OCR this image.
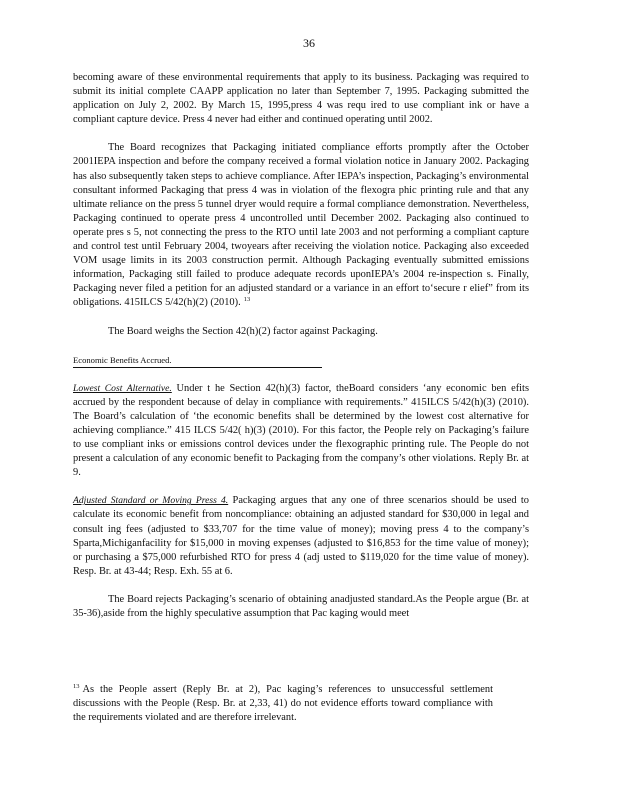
36

becoming aware of these environmental requirements that apply to its business. Packaging was required to submit its initial complete CAAPP application no later than September 7, 1995. Packaging submitted the application on July 2, 2002. By March 15, 1995,press 4 was requ ired to use compliant ink or have a compliant capture device. Press 4 never had either and continued operating until 2002.

The Board recognizes that Packaging initiated compliance efforts promptly after the October 2001IEPA inspection and before the company received a formal violation notice in January 2002. Packaging has also subsequently taken steps to achieve compliance. After IEPA’s inspection, Packaging’s environmental consultant informed Packaging that press 4 was in violation of the flexogra phic printing rule and that any ultimate reliance on the press 5 tunnel dryer would require a formal compliance demonstration. Nevertheless, Packaging continued to operate press 4 uncontrolled until December 2002. Packaging also continued to operate pres s 5, not connecting the press to the RTO until late 2003 and not performing a compliant capture and control test until February 2004, twoyears after receiving the violation notice. Packaging also exceeded VOM usage limits in its 2003 construction permit. Although Packaging eventually submitted emissions information, Packaging still failed to produce adequate records uponIEPA’s 2004 re-inspection s. Finally, Packaging never filed a petition for an adjusted standard or a variance in an effort to‘secure r elief” from its obligations. 415ILCS 5/42(h)(2) (2010). $^{13}$

The Board weighs the Section 42(h)(2) factor against Packaging.

Economic Benefits Accrued.

Lowest Cost Alternative. Under t he Section 42(h)(3) factor, theBoard considers ‘any economic ben efits accrued by the respondent because of delay in compliance with requirements.” 415ILCS 5/42(h)(3) (2010). The Board’s calculation of ‘the economic benefits shall be determined by the lowest cost alternative for achieving compliance.” 415 ILCS 5/42( h)(3) (2010). For this factor, the People rely on Packaging’s failure to use compliant inks or emissions control devices under the flexographic printing rule. The People do not present a calculation of any economic benefit to Packaging from the company’s other violations. Reply Br. at 9.

Adjusted Standard or Moving Press 4. Packaging argues that any one of three scenarios should be used to calculate its economic benefit from noncompliance: obtaining an adjusted standard for $30,000 in legal and consult ing fees (adjusted to $33,707 for the time value of money); moving press 4 to the company’s Sparta,Michiganfacility for $15,000 in moving expenses (adjusted to $16,853 for the time value of money); or purchasing a $75,000 refurbished RTO for press 4 (adj usted to $119,020 for the time value of money). Resp. Br. at 43-44; Resp. Exh. 55 at 6.

The Board rejects Packaging’s scenario of obtaining anadjusted standard.As the People argue (Br. at 35-36),aside from the highly speculative assumption that Pac kaging would meet

$^{13}$ As the People assert (Reply Br. at 2), Pac kaging’s references to unsuccessful settlement discussions with the People (Resp. Br. at 2,33, 41) do not evidence efforts toward compliance with the requirements violated and are therefore irrelevant.
